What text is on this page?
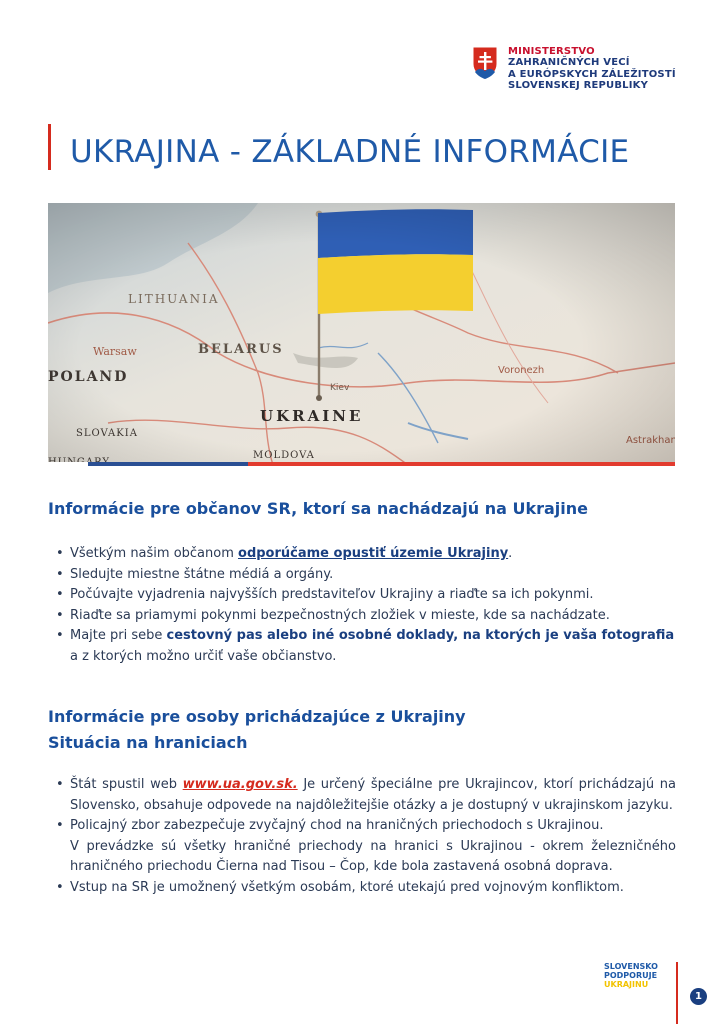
MINISTERSTVO
ZAHRANIČNÝCH VECÍ
A EURÓPSKYCH ZÁLEŽITOSTÍ
SLOVENSKEJ REPUBLIKY
UKRAJINA - ZÁKLADNÉ INFORMÁCIE
Informácie pre občanov SR, ktorí sa nachádzajú na Ukrajine
• Všetkým našim občanom odporúčame opustiť územie Ukrajiny.
• Sledujte miestne štátne médiá a orgány.
• Počúvajte vyjadrenia najvyšších predstaviteľov Ukrajiny a riaďte sa ich pokynmi.
• Riaďte sa priamymi pokynmi bezpečnostných zložiek v mieste, kde sa nachádzate.
• Majte pri sebe cestovný pas alebo iné osobné doklady, na ktorých je vaša fotografia
a z ktorých možno určiť vaše občianstvo.
Informácie pre osoby prichádzajúce z Ukrajiny
Situácia na hraniciach
• Štát spustil web www.ua.gov.sk. Je určený špeciálne pre Ukrajincov, ktorí prichádzajú na Slovensko, obsahuje odpovede na najdôležitejšie otázky a je dostupný v ukrajinskom jazyku.
• Policajný zbor zabezpečuje zvyčajný chod na hraničných priechodoch s Ukrajinou.
V prevádzke sú všetky hraničné priechody na hranici s Ukrajinou - okrem železničného hraničného priechodu Čierna nad Tisou – Čop, kde bola zastavená osobná doprava.
• Vstup na SR je umožnený všetkým osobám, ktoré utekajú pred vojnovým konfliktom.
SLOVENSKO
PODPORUJE
UKRAJINU
1
